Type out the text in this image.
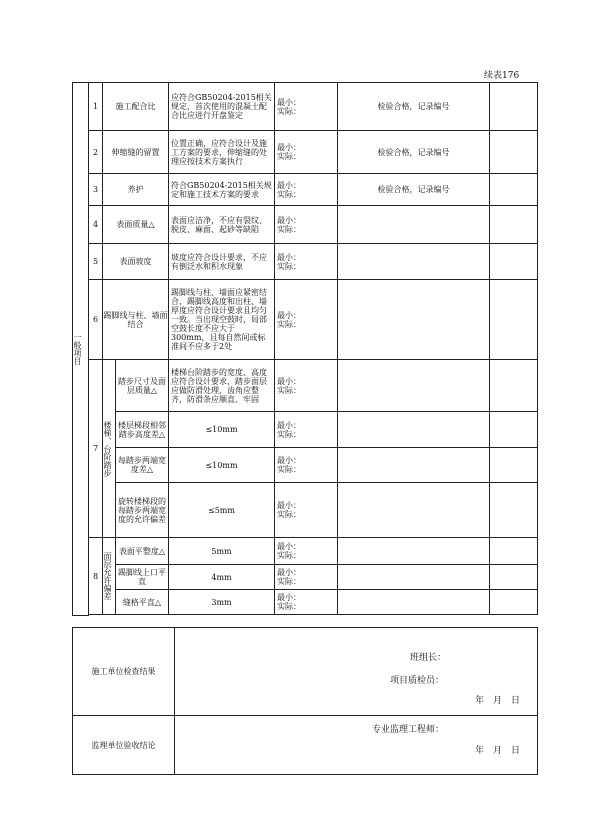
续表176
一般项目	1	施工配合比		应符合GB50204-2015相关规定，首次使用的混凝土配合比应进行开盘鉴定	最小：
实际：	检验合格，记录编号	
	2	伸缩缝的留置		位置正确，应符合设计及施工方案的要求，伸缩缝的处理应按技术方案执行	最小：
实际：	检验合格，记录编号	
	3	养护		符合GB50204-2015相关规定和施工技术方案的要求	最小：
实际：	检验合格，记录编号	
	4	表面质量△		表面应洁净，不应有裂纹、脱皮、麻面、起砂等缺陷	最小：
实际：		

	5	表面坡度		坡度应符合设计要求，不应有倒泛水和积水现象	最小：
实际：		

	6	踢脚线与柱、墙面结合		踢脚线与柱、墙面应紧密结合，踢脚线高度和出柱、墙厚度应符合设计要求且均匀一致。当出现空鼓时，局部空鼓长度不应大于300mm，且每自然间或标准间不应多于2处	最小：
实际：		

	7	楼梯、台阶踏步	踏步尺寸及面层质量△	楼梯台阶踏步的宽度、高度应符合设计要求，踏步面层应做防滑处理，齿角应整齐，防滑条应顺直、牢固	最小：
实际：		

			楼层梯段相邻踏步高度差△	≤10mm	最小：
实际：		

			每踏步两端宽度差△	≤10mm	最小：
实际：		

			旋转楼梯段的每踏步两端宽度的允许偏差	≤5mm	最小：
实际：		

	8	面层允许偏差	表面平整度△	5mm	最小：
实际：		

			踢脚线上口平直	4mm	最小：
实际：		

			缝格平直△	3mm	最小：
实际：		

施工单位检查结果	班组长：
项目质检员：
年　月　日

监理单位验收结论	专业监理工程师：
年　月　日
